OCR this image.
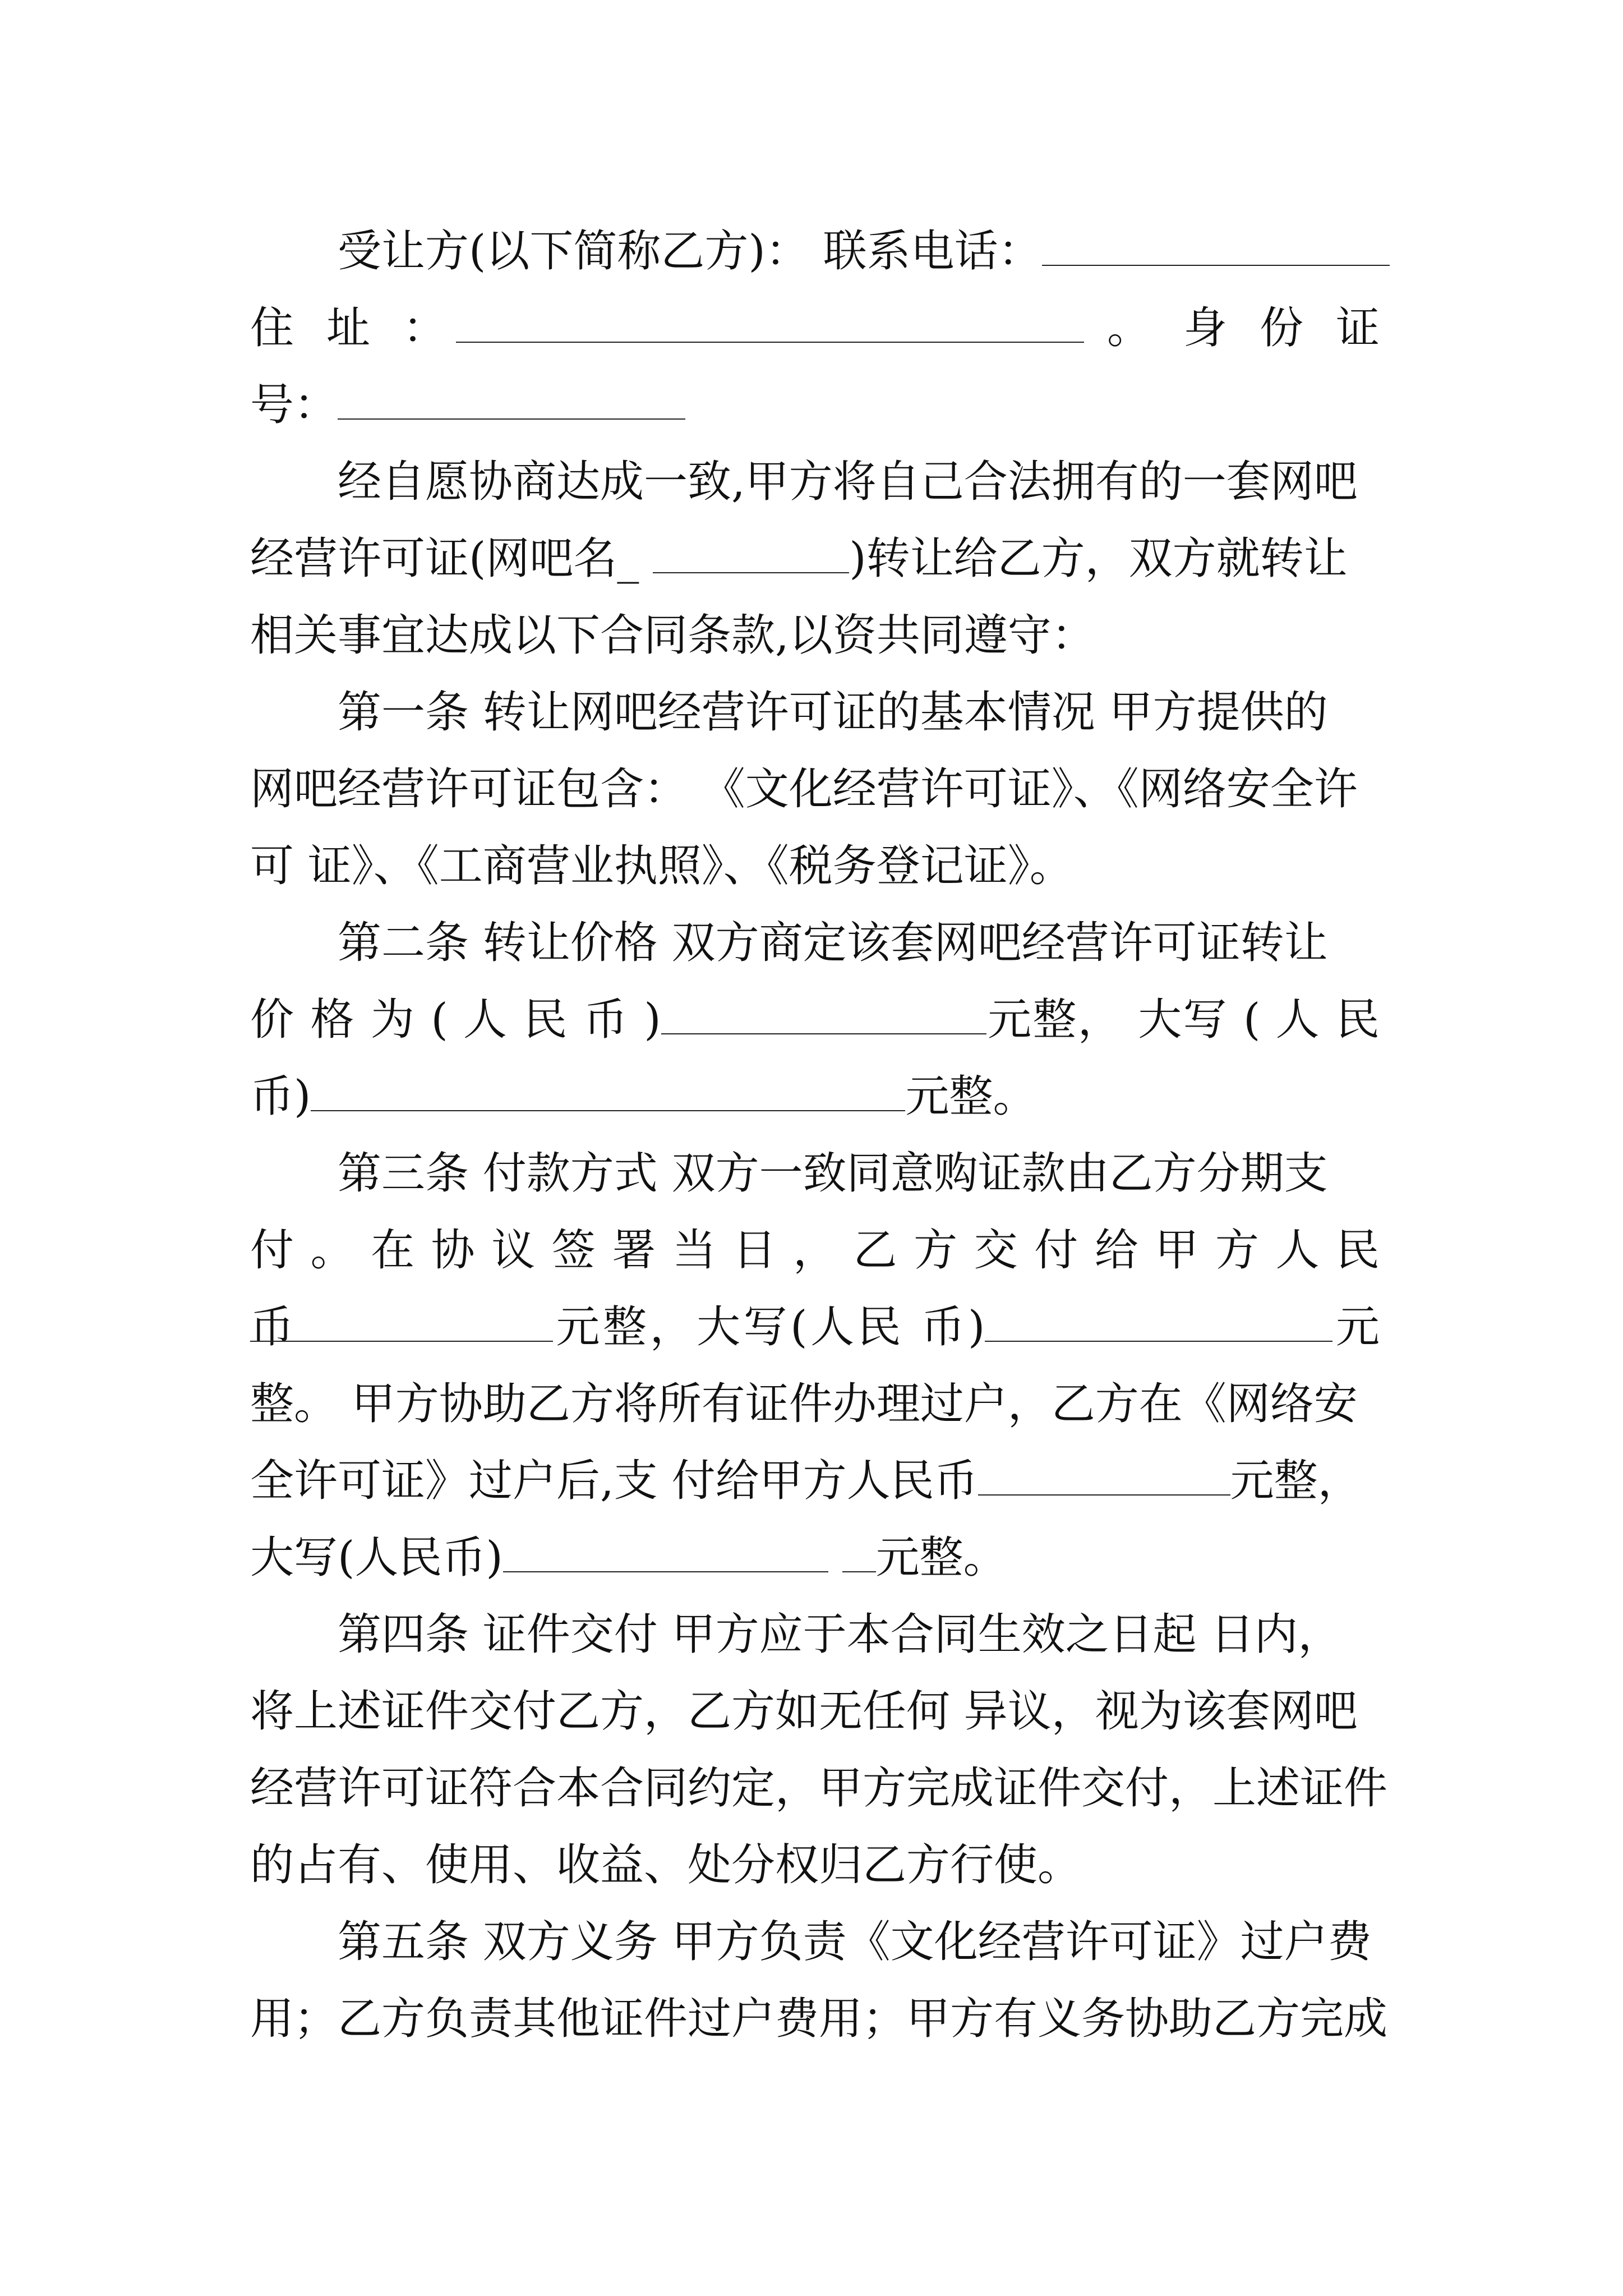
受让方(以下简称乙方)： 联系电话：
住 址 ：	。 身 份 证
号：
经自愿协商达成一致,甲方将自己合法拥有的一套网吧
经营许可证(网吧名_	)转让给乙方，双方就转让
相关事宜达成以下合同条款,以资共同遵守：
第一条 转让网吧经营许可证的基本情况 甲方提供的
网吧经营许可证包含： 《文化经营许可证》、《网络安全许
可 证》、《工商营业执照》、《税务登记证》。
第二条 转让价格 双方商定该套网吧经营许可证转让
价 格 为 ( 人 民 币 )	元整， 大写 ( 人 民
币)	元整。
第三条 付款方式 双方一致同意购证款由乙方分期支
付 。 在 协 议 签 署 当 日 ， 乙 方 交 付 给 甲 方 人 民 币	元整，大写(人民 币)	元
整。 甲方协助乙方将所有证件办理过户，乙方在《网络安
全许可证》过户后,支 付给甲方人民币	元整，
大写(人民币)	元整。
第四条 证件交付 甲方应于本合同生效之日起 日内，
将上述证件交付乙方，乙方如无任何 异议，视为该套网吧
经营许可证符合本合同约定，甲方完成证件交付，上述证件
的占有、使用、收益、处分权归乙方行使。
第五条 双方义务 甲方负责《文化经营许可证》过户费
用；乙方负责其他证件过户费用；甲方有义务协助乙方完成
